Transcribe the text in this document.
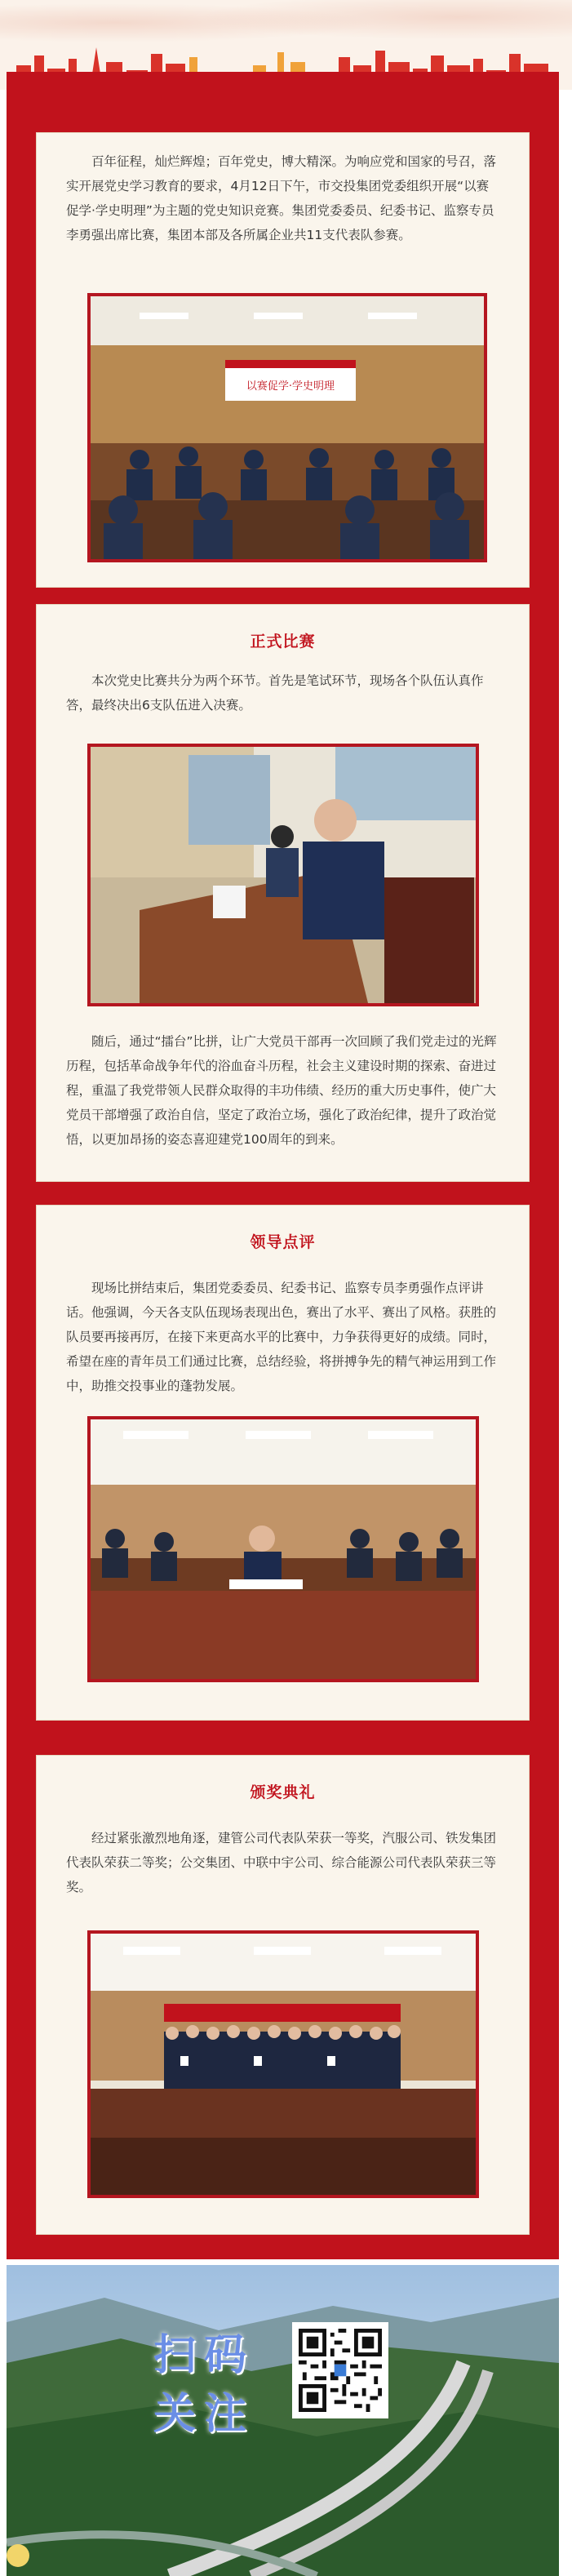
百年征程，灿烂辉煌；百年党史，博大精深。为响应党和国家的号召，落实开展党史学习教育的要求，4月12日下午，市交投集团党委组织开展“以赛促学·学史明理”为主题的党史知识竞赛。集团党委委员、纪委书记、监察专员李勇强出席比赛，集团本部及各所属企业共11支代表队参赛。

以赛促学·学史明理
正式比赛

本次党史比赛共分为两个环节。首先是笔试环节，现场各个队伍认真作答，最终决出6支队伍进入决赛。

随后，通过“擂台”比拼，让广大党员干部再一次回顾了我们党走过的光辉历程，包括革命战争年代的浴血奋斗历程，社会主义建设时期的探索、奋进过程，重温了我党带领人民群众取得的丰功伟绩、经历的重大历史事件，使广大党员干部增强了政治自信，坚定了政治立场，强化了政治纪律，提升了政治觉悟，以更加昂扬的姿态喜迎建党100周年的到来。

领导点评

现场比拼结束后，集团党委委员、纪委书记、监察专员李勇强作点评讲话。他强调，今天各支队伍现场表现出色，赛出了水平、赛出了风格。获胜的队员要再接再厉，在接下来更高水平的比赛中，力争获得更好的成绩。同时，希望在座的青年员工们通过比赛，总结经验，将拼搏争先的精气神运用到工作中，助推交投事业的蓬勃发展。

颁奖典礼

经过紧张激烈地角逐，建管公司代表队荣获一等奖，汽服公司、铁发集团代表队荣获二等奖；公交集团、中联中宇公司、综合能源公司代表队荣获三等奖。

扫码关注
